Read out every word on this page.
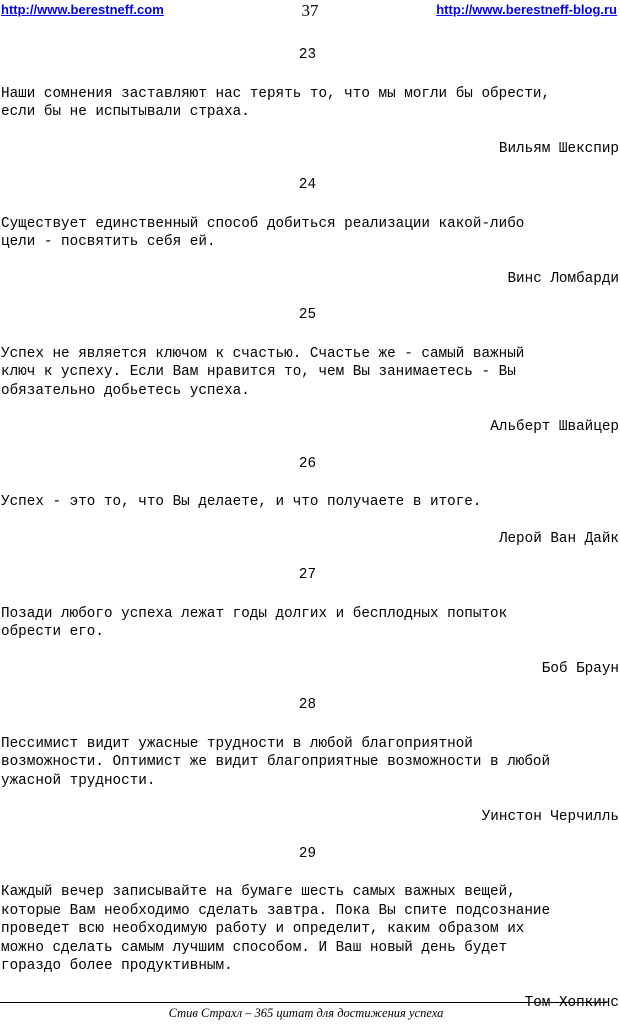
http://www.berestneff.com	37	http://www.berestneff-blog.ru
23
Наши сомнения заставляют нас терять то, что мы могли бы обрести,
если бы не испытывали страха.
Вильям Шекспир
24
Существует единственный способ добиться реализации какой-либо
цели - посвятить себя ей.
Винс Ломбарди
25
Успех не является ключом к счастью. Счастье же - самый важный
ключ к успеху. Если Вам нравится то, чем Вы занимаетесь - Вы
обязательно добьетесь успеха.
Альберт Швайцер
26
Успех - это то, что Вы делаете, и что получаете в итоге.
Лерой Ван Дайк
27
Позади любого успеха лежат годы долгих и бесплодных попыток
обрести его.
Боб Браун
28
Пессимист видит ужасные трудности в любой благоприятной
возможности. Оптимист же видит благоприятные возможности в любой
ужасной трудности.
Уинстон Черчилль
29
Каждый вечер записывайте на бумаге шесть самых важных вещей,
которые Вам необходимо сделать завтра. Пока Вы спите подсознание
проведет всю необходимую работу и определит, каким образом их
можно сделать самым лучшим способом. И Ваш новый день будет
гораздо более продуктивным.
Том Хопкинс
Стив Страхл – 365 цитат для достижения успеха
